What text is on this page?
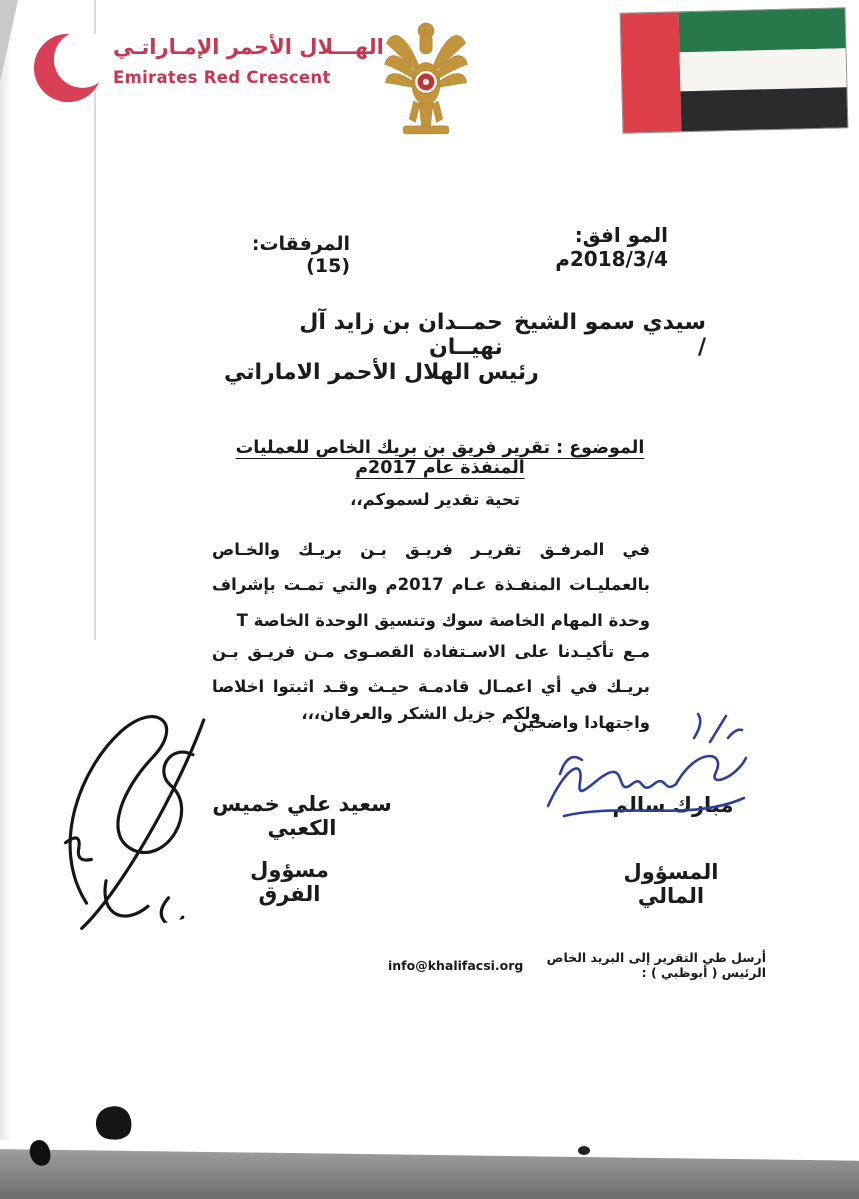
الهـــلال الأحمر الإمـاراتـي
Emirates Red Crescent
المو افق: 2018/3/4م
المرفقات: (15)
سيدي سمو الشيخ /
حمــدان بن زايد آل نهيــان
رئيس الهلال الأحمر الاماراتي
الموضوع : تقرير فريق بن بريك الخاص للعمليات المنفذة عام 2017م
تحية تقدير لسموكم،،
في المرفـق تقريـر فريـق بـن بريـك والخـاص بالعمليـات المنفـذة عـام 2017م والتي تمـت بإشراف وحدة المهام الخاصة سوك وتنسيق الوحدة الخاصة T
مـع تأكيـدنا على الاسـتفادة القصـوى مـن فريـق بـن بريـك في أي اعمـال قادمـة حيـث وقـد اثبتوا اخلاصا واجتهادا واضحين
ولكم جزيل الشكر والعرفان،،،
مبارك سالم
المسؤول المالي
سعيد علي خميس الكعبي
مسؤول الفرق
أرسل طي التقرير إلى البريد الخاص الرئيس ( أبوظبي ) :
info@khalifacsi.org
